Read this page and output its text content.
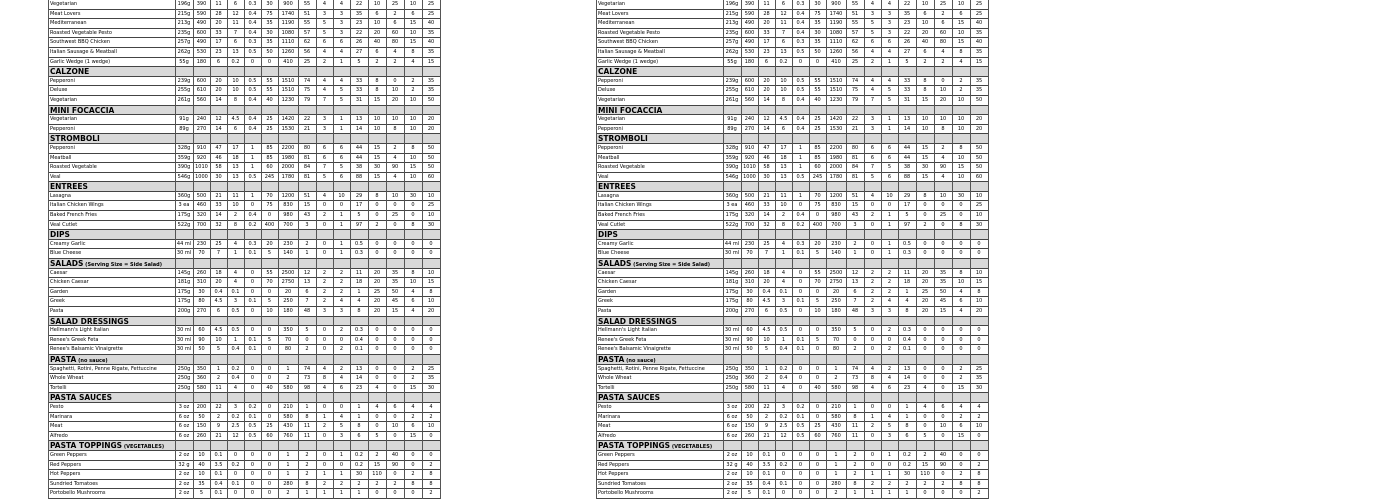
Vegetarian	196g	390	11	6	0.3	30	900	55	4	4	22	10	25	10	25
Meat Lovers	215g	590	28	12	0.4	75	1740	51	3	3	35	6	2	6	25
Mediterranean	213g	490	20	11	0.4	35	1190	55	5	3	23	10	6	15	40
Roasted Vegetable Pesto	235g	600	33	7	0.4	30	1080	57	5	3	22	20	60	10	35
Southwest BBQ Chicken	257g	490	17	6	0.3	35	1110	62	6	6	26	40	80	15	40
Italian Sausage & Meatball	262g	530	23	13	0.5	50	1260	56	4	4	27	6	4	8	35
Garlic Wedge (1 wedge)	55g	180	6	0.2	0	0	410	25	2	1	5	2	2	4	15
CALZONE
Pepperoni	239g	600	20	10	0.5	55	1510	74	4	4	33	8	0	2	35
Deluxe	255g	610	20	10	0.5	55	1510	75	4	5	33	8	10	2	35
Vegetarian	261g	560	14	8	0.4	40	1230	79	7	5	31	15	20	10	50
MINI FOCACCIA
Vegetarian	91g	240	12	4.5	0.4	25	1420	22	3	1	13	10	10	10	20
Pepperoni	89g	270	14	6	0.4	25	1530	21	3	1	14	10	8	10	20
STROMBOLI
Pepperoni	328g	910	47	17	1	85	2200	80	6	6	44	15	2	8	50
Meatball	359g	920	46	18	1	85	1980	81	6	6	44	15	4	10	50
Roasted Vegetable	390g 1010	58	13	1	60	2000	84	7	5	38	30	90	15	50
Veal	546g 1000	30	13	0.5	245	1780	81	5	6	88	15	4	10	60
ENTREES
Lasagna	360g	500	21	11	1	70	1200	51	4	10	29	8	10	30	10
Italian Chicken Wings	3 ea	460	33	10	0	75	830	15	0	0	17	0	0	0	25
Baked French Fries	175g	320	14	2	0.4	0	980	43	2	1	5	0	25	0	10
Veal Cutlet	522g	700	32	8	0.2	400	700	3	0	1	97	2	0	8	30
DIPS
Creamy Garlic	44 ml	230	25	4	0.3	20	230	2	0	1	0.5	0	0	0	0
Blue Cheese	30 ml	70	7	1	0.1	5	140	1	0	1	0.3	0	0	0	0
SALADS (Serving Size = Side Salad)
Caesar	145g	260	18	4	0	55	2500	12	2	2	11	20	35	8	10
Chicken Caesar	181g	310	20	4	0	70	2750	13	2	2	18	20	35	10	15
Garden	175g	30	0.4	0.1	0	0	20	6	2	2	1	25	50	4	8
Greek	175g	80	4.5	3	0.1	5	250	7	2	4	4	20	45	6	10
Pasta	200g	270	6	0.5	0	10	180	48	3	3	8	20	15	4	20
SALAD DRESSINGS
Hellmann's Light Italian	30 ml	60	4.5	0.5	0	0	350	5	0	2	0.3	0	0	0	0
Renee's Greek Feta	30 ml	90	10	1	0.1	5	70	0	0	0	0.4	0	0	0	0
Renee's Balsamic Vinaigrette	30 ml	50	5	0.4	0.1	0	80	2	0	2	0.1	0	0	0	0
PASTA (no sauce)
Spaghetti, Rotini, Penne Rigate, Fettuccine	250g	350	1	0.2	0	0	1	74	4	2	13	0	0	2	25
Whole Wheat	250g	360	2	0.4	0	0	2	73	8	4	14	0	0	2	35
Tortelli	250g	580	11	4	0	40	580	98	4	6	23	4	0	15	30
PASTA SAUCES
Pesto	3 oz	200	22	3	0.2	0	210	1	0	0	1	4	6	4	4
Marinara	6 oz	50	2	0.2	0.1	0	580	8	1	4	1	0	0	2	2
Meat	6 oz	150	9	2.5	0.5	25	430	11	2	5	8	0	10	6	10
Alfredo	6 oz	260	21	12	0.5	60	760	11	0	3	6	5	0	15	0
PASTA TOPPINGS (VEGETABLES)
Green Peppers	2 oz	10	0.1	0	0	0	1	2	0	1	0.2	2	40	0	0
Red Peppers	32 g	40	3.5	0.2	0	0	1	2	0	0	0.2	15	90	0	2
Hot Peppers	2 oz	10	0.1	0	0	0	1	2	1	1	30	110	0	2	8
Sundried Tomatoes	2 oz	35	0.4	0.1	0	0	280	8	2	2	2	2	2	8	8
Portobello Mushrooms	2 oz	5	0.1	0	0	0	2	1	1	1	1	0	0	0	2
Vegetarian	196g	390	11	6	0.3	30	900	55	4	4	22	10	25	10	25
Meat Lovers	215g	590	28	12	0.4	75	1740	51	3	3	35	6	2	6	25
Mediterranean	213g	490	20	11	0.4	35	1190	55	5	3	23	10	6	15	40
Roasted Vegetable Pesto	235g	600	33	7	0.4	30	1080	57	5	3	22	20	60	10	35
Southwest BBQ Chicken	257g	490	17	6	0.3	35	1110	62	6	6	26	40	80	15	40
Italian Sausage & Meatball	262g	530	23	13	0.5	50	1260	56	4	4	27	6	4	8	35
Garlic Wedge (1 wedge)	55g	180	6	0.2	0	0	410	25	2	1	5	2	2	4	15
CALZONE
Pepperoni	239g	600	20	10	0.5	55	1510	74	4	4	33	8	0	2	35
Deluxe	255g	610	20	10	0.5	55	1510	75	4	5	33	8	10	2	35
Vegetarian	261g	560	14	8	0.4	40	1230	79	7	5	31	15	20	10	50
MINI FOCACCIA
Vegetarian	91g	240	12	4.5	0.4	25	1420	22	3	1	13	10	10	10	20
Pepperoni	89g	270	14	6	0.4	25	1530	21	3	1	14	10	8	10	20
STROMBOLI
Pepperoni	328g	910	47	17	1	85	2200	80	6	6	44	15	2	8	50
Meatball	359g	920	46	18	1	85	1980	81	6	6	44	15	4	10	50
Roasted Vegetable	390g 1010	58	13	1	60	2000	84	7	5	38	30	90	15	50
Veal	546g 1000	30	13	0.5	245	1780	81	5	6	88	15	4	10	60
ENTREES
Lasagna	360g	500	21	11	1	70	1200	51	4	10	29	8	10	30	10
Italian Chicken Wings	3 ea	460	33	10	0	75	830	15	0	0	17	0	0	0	25
Baked French Fries	175g	320	14	2	0.4	0	980	43	2	1	5	0	25	0	10
Veal Cutlet	522g	700	32	8	0.2	400	700	3	0	1	97	2	0	8	30
DIPS
Creamy Garlic	44 ml	230	25	4	0.3	20	230	2	0	1	0.5	0	0	0	0
Blue Cheese	30 ml	70	7	1	0.1	5	140	1	0	1	0.3	0	0	0	0
SALADS (Serving Size = Side Salad)
Caesar	145g	260	18	4	0	55	2500	12	2	2	11	20	35	8	10
Chicken Caesar	181g	310	20	4	0	70	2750	13	2	2	18	20	35	10	15
Garden	175g	30	0.4	0.1	0	0	20	6	2	2	1	25	50	4	8
Greek	175g	80	4.5	3	0.1	5	250	7	2	4	4	20	45	6	10
Pasta	200g	270	6	0.5	0	10	180	48	3	3	8	20	15	4	20
SALAD DRESSINGS
Hellmann's Light Italian	30 ml	60	4.5	0.5	0	0	350	5	0	2	0.3	0	0	0	0
Renee's Greek Feta	30 ml	90	10	1	0.1	5	70	0	0	0	0.4	0	0	0	0
Renee's Balsamic Vinaigrette	30 ml	50	5	0.4	0.1	0	80	2	0	2	0.1	0	0	0	0
PASTA (no sauce)
Spaghetti, Rotini, Penne Rigate, Fettuccine	250g	350	1	0.2	0	0	1	74	4	2	13	0	0	2	25
Whole Wheat	250g	360	2	0.4	0	0	2	73	8	4	14	0	0	2	35
Tortelli	250g	580	11	4	0	40	580	98	4	6	23	4	0	15	30
PASTA SAUCES
Pesto	3 oz	200	22	3	0.2	0	210	1	0	0	1	4	6	4	4
Marinara	6 oz	50	2	0.2	0.1	0	580	8	1	4	1	0	0	2	2
Meat	6 oz	150	9	2.5	0.5	25	430	11	2	5	8	0	10	6	10
Alfredo	6 oz	260	21	12	0.5	60	760	11	0	3	6	5	0	15	0
PASTA TOPPINGS (VEGETABLES)
Green Peppers	2 oz	10	0.1	0	0	0	1	2	0	1	0.2	2	40	0	0
Red Peppers	32 g	40	3.5	0.2	0	0	1	2	0	0	0.2	15	90	0	2
Hot Peppers	2 oz	10	0.1	0	0	0	1	2	1	1	30	110	0	2	8
Sundried Tomatoes	2 oz	35	0.4	0.1	0	0	280	8	2	2	2	2	2	8	8
Portobello Mushrooms	2 oz	5	0.1	0	0	0	2	1	1	1	1	0	0	0	2
